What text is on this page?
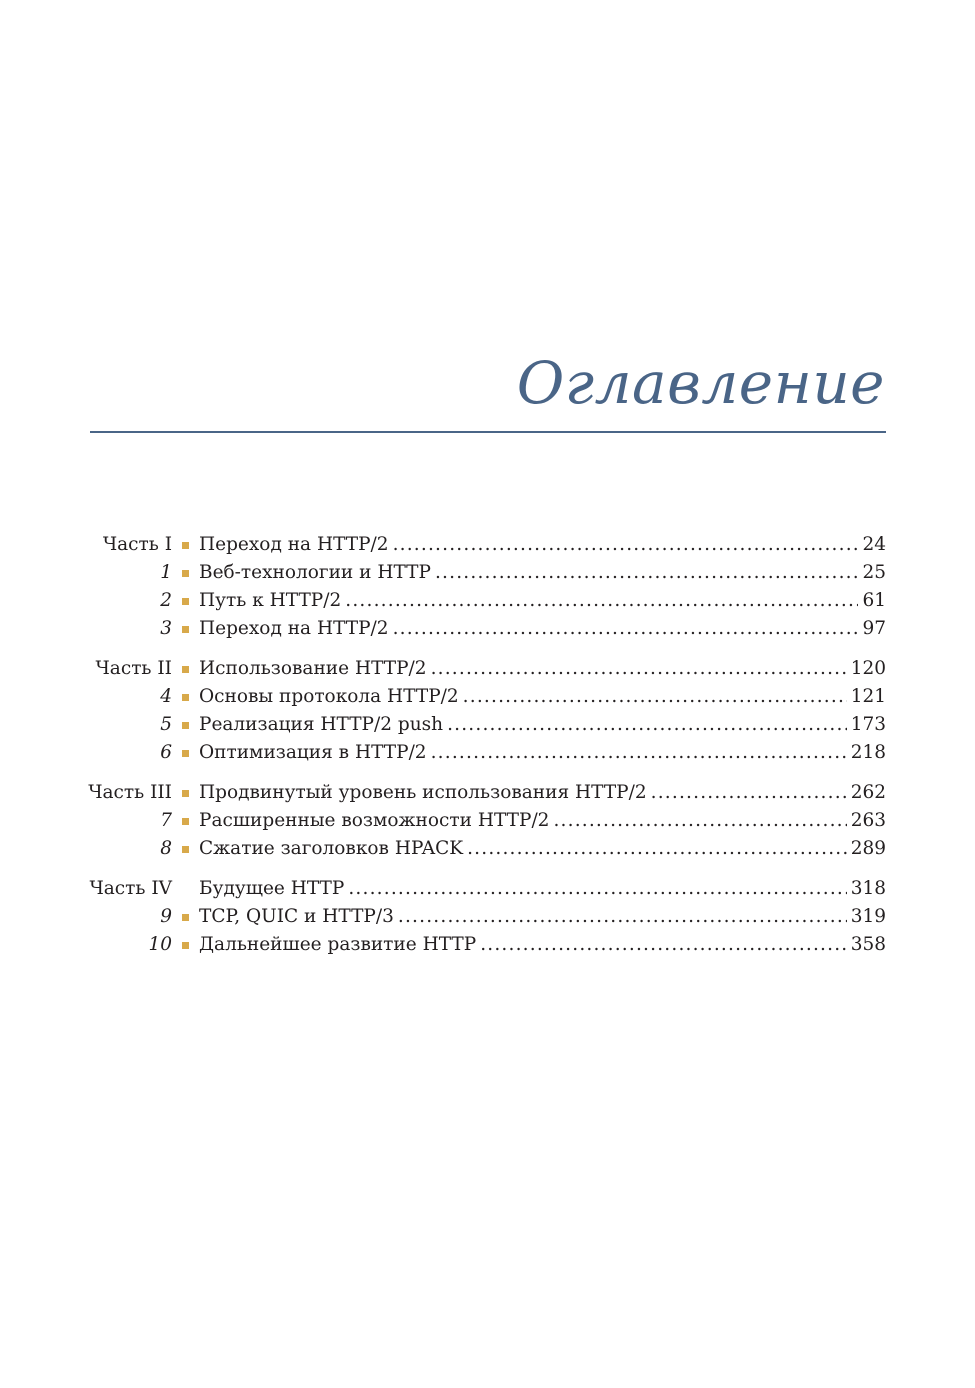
Оглавление
Часть I Переход на HTTP/2 .....	24
1 Веб-технологии и HTTP .....	25
2 Путь к HTTP/2 .....	61
3 Переход на HTTP/2 .....	97
Часть II Использование HTTP/2 .....	120
4 Основы протокола HTTP/2 .....	121
5 Реализация HTTP/2 push .....	173
6 Оптимизация в HTTP/2 .....	218
Часть III Продвинутый уровень использования HTTP/2 .....	262
7 Расширенные возможности HTTP/2 .....	263
8 Сжатие заголовков HPACK .....	289
Часть IV Будущее HTTP .....	318
9 TCP, QUIC и HTTP/3 .....	319
10 Дальнейшее развитие HTTP .....	358
